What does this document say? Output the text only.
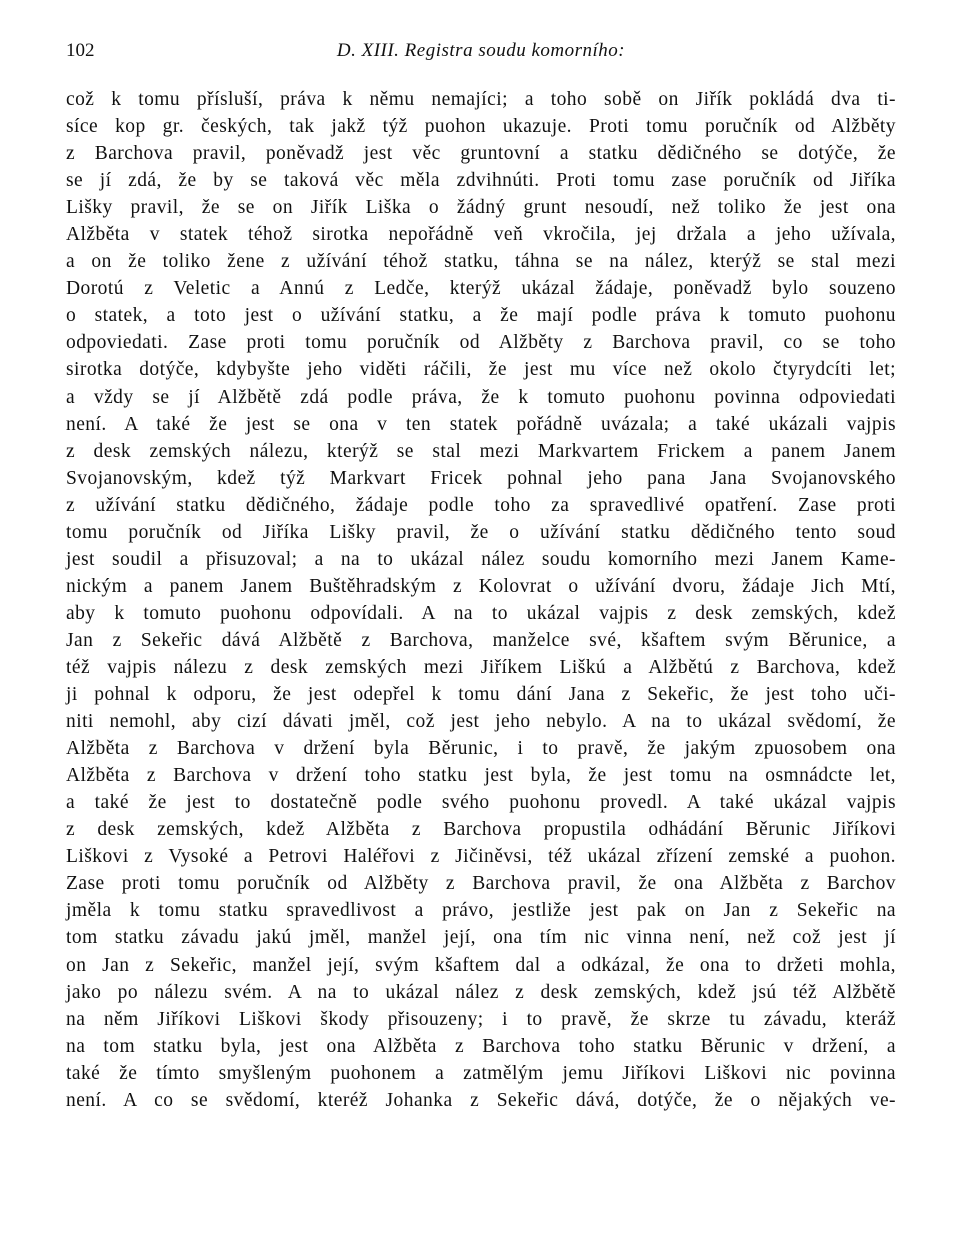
102	D. XIII. Registra soudu komorního:
což k tomu přísluší, práva k němu nemajíci; a toho sobě on Jiřík pokládá dva ti-
síce kop gr. českých, tak jakž týž puohon ukazuje. Proti tomu poručník od Alžběty
z Barchova pravil, poněvadž jest věc gruntovní a statku dědičného se dotýče, že
se jí zdá, že by se taková věc měla zdvihnúti. Proti tomu zase poručník od Jiříka
Lišky pravil, že se on Jiřík Liška o žádný grunt nesoudí, než toliko že jest ona
Alžběta v statek téhož sirotka nepořádně veň vkročila, jej držala a jeho užívala,
a on že toliko žene z užívání téhož statku, táhna se na nález, kterýž se stal mezi
Dorotú z Veletic a Annú z Ledče, kterýž ukázal žádaje, poněvadž bylo souzeno
o statek, a toto jest o užívání statku, a že mají podle práva k tomuto puohonu
odpoviedati. Zase proti tomu poručník od Alžběty z Barchova pravil, co se toho
sirotka dotýče, kdybyšte jeho viděti ráčili, že jest mu více než okolo čtyrydcíti let;
a vždy se jí Alžbětě zdá podle práva, že k tomuto puohonu povinna odpoviedati
není. A také že jest se ona v ten statek pořádně uvázala; a také ukázali vajpis
z desk zemských nálezu, kterýž se stal mezi Markvartem Frickem a panem Janem
Svojanovským, kdež týž Markvart Fricek pohnal jeho pana Jana Svojanovského
z užívání statku dědičného, žádaje podle toho za spravedlivé opatření. Zase proti
tomu poručník od Jiříka Lišky pravil, že o užívání statku dědičného tento soud
jest soudil a přisuzoval; a na to ukázal nález soudu komorního mezi Janem Kame-
nickým a panem Janem Buštěhradským z Kolovrat o užívání dvoru, žádaje Jich Mtí,
aby k tomuto puohonu odpovídali. A na to ukázal vajpis z desk zemských, kdež
Jan z Sekeřic dává Alžbětě z Barchova, manželce své, kšaftem svým Běrunice, a
též vajpis nálezu z desk zemských mezi Jiříkem Liškú a Alžbětú z Barchova, kdež
ji pohnal k odporu, že jest odepřel k tomu dání Jana z Sekeřic, že jest toho uči-
niti nemohl, aby cizí dávati jměl, což jest jeho nebylo. A na to ukázal svědomí, že
Alžběta z Barchova v držení byla Běrunic, i to pravě, že jakým zpuosobem ona
Alžběta z Barchova v držení toho statku jest byla, že jest tomu na osmnádcte let,
a také že jest to dostatečně podle svého puohonu provedl. A také ukázal vajpis
z desk zemských, kdež Alžběta z Barchova propustila odhádání Běrunic Jiříkovi
Liškovi z Vysoké a Petrovi Haléřovi z Jičiněvsi, též ukázal zřízení zemské a puohon.
Zase proti tomu poručník od Alžběty z Barchova pravil, že ona Alžběta z Barchov
jměla k tomu statku spravedlivost a právo, jestliže jest pak on Jan z Sekeřic na
tom statku závadu jakú jměl, manžel její, ona tím nic vinna není, než což jest jí
on Jan z Sekeřic, manžel její, svým kšaftem dal a odkázal, že ona to držeti mohla,
jako po nálezu svém. A na to ukázal nález z desk zemských, kdež jsú též Alžbětě
na něm Jiříkovi Liškovi škody přisouzeny; i to pravě, že skrze tu závadu, kteráž
na tom statku byla, jest ona Alžběta z Barchova toho statku Běrunic v držení, a
také že tímto smyšleným puohonem a zatmělým jemu Jiříkovi Liškovi nic povinna
není. A co se svědomí, kteréž Johanka z Sekeřic dává, dotýče, že o nějakých ve-
